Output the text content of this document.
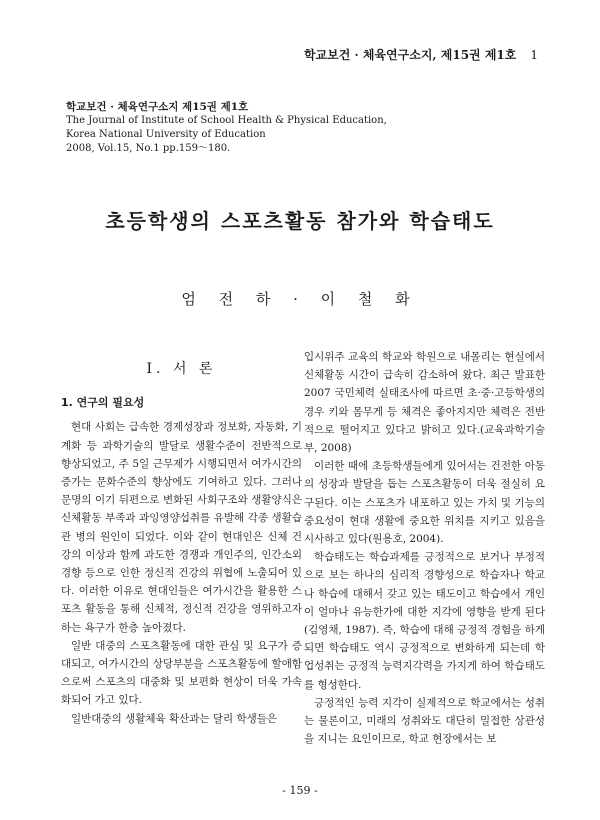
학교보건 · 체육연구소지, 제15권 제1호 1
학교보건 · 체육연구소지 제15권 제1호
The Journal of Institute of School Health & Physical Education,
Korea National University of Education
2008, Vol.15, No.1 pp.159～180.
초등학생의 스포츠활동 참가와 학습태도
엄 전 하 · 이 철 화
Ⅰ. 서 론
1. 연구의 필요성

현대 사회는 급속한 경제성장과 정보화, 자동화, 기계화 등 과학기술의 발달로 생활수준이 전반적으로 향상되었고, 주 5일 근무제가 시행되면서 여가시간의 증가는 문화수준의 향상에도 기여하고 있다. 그러나 문명의 이기 뒤편으로 변화된 사회구조와 생활양식은 신체활동 부족과 과잉영양섭취를 유발해 각종 생활습관 병의 원인이 되었다. 이와 같이 현대인은 신체 건강의 이상과 함께 과도한 경쟁과 개인주의, 인간소외 경향 등으로 인한 정신적 건강의 위협에 노출되어 있다. 이러한 이유로 현대인들은 여가시간을 활용한 스포츠 활동을 통해 신체적, 정신적 건강을 영위하고자하는 욕구가 한층 높아졌다.

일반 대중의 스포츠활동에 대한 관심 및 요구가 증대되고, 여가시간의 상당부분을 스포츠활동에 할애함으로써 스포츠의 대중화 및 보편화 현상이 더욱 가속화되어 가고 있다.

일반대중의 생활체육 확산과는 달리 학생들은

입시위주 교육의 학교와 학원으로 내몰리는 현실에서 신체활동 시간이 급속히 감소하여 왔다. 최근 발표한 2007 국민체력 실태조사에 따르면 초·중·고등학생의 경우 키와 몸무게 등 체격은 좋아지지만 체력은 전반적으로 떨어지고 있다고 밝히고 있다.(교육과학기술부, 2008)

이러한 때에 초등학생들에게 있어서는 건전한 아동의 성장과 발달을 돕는 스포츠활동이 더욱 절실히 요구된다. 이는 스포츠가 내포하고 있는 가치 및 기능의 중요성이 현대 생활에 중요한 위치를 지키고 있음을 시사하고 있다(원용호, 2004).

학습태도는 학습과제를 긍정적으로 보거나 부정적으로 보는 하나의 심리적 경향성으로 학습자나 학교나 학습에 대해서 갖고 있는 태도이고 학습에서 개인이 얼마나 유능한가에 대한 지각에 영향을 받게 된다(김영채, 1987). 즉, 학습에 대해 긍정적 경험을 하게 되면 학습태도 역시 긍정적으로 변화하게 되는데 학업성취는 긍정적 능력지각력을 가지게 하여 학습태도를 형성한다.

긍정적인 능력 지각이 실제적으로 학교에서는 성취는 물론이고, 미래의 성취와도 대단히 밀접한 상관성을 지니는 요인이므로, 학교 현장에서는 보

- 159 -
